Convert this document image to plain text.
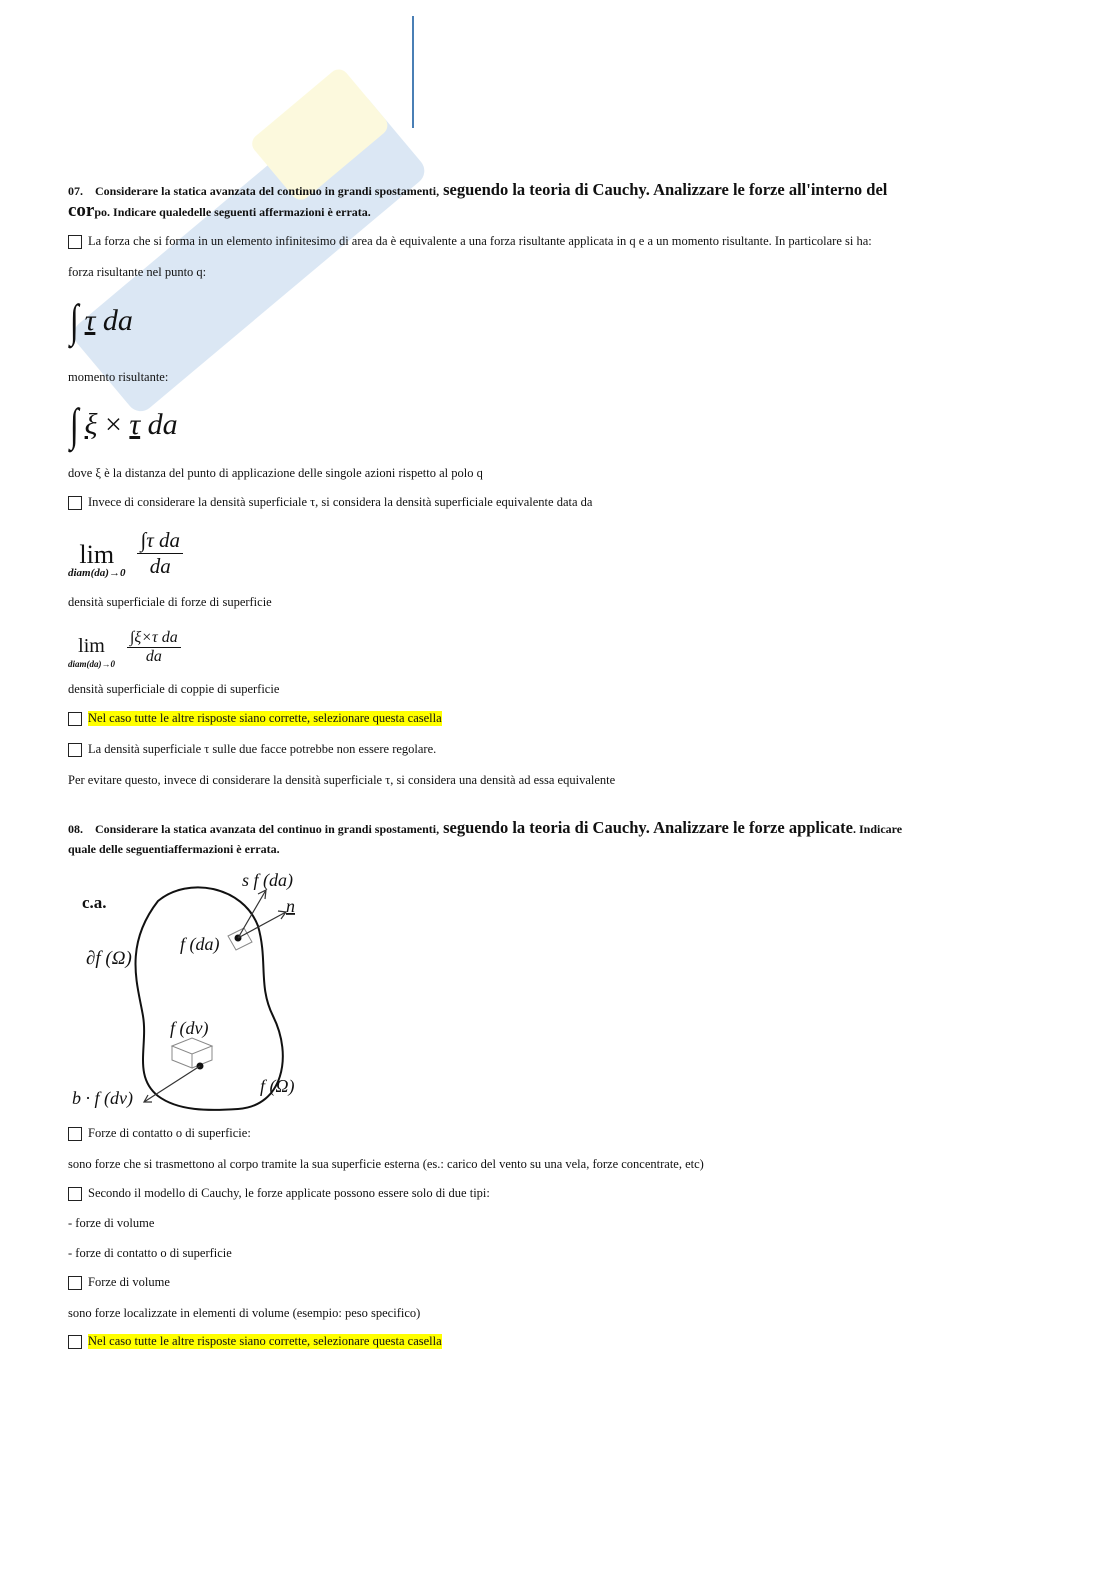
07. Considerare la statica avanzata del continuo in grandi spostamenti, seguendo la teoria di Cauchy. Analizzare le forze all'interno del
corpo. Indicare qualedelle seguenti affermazioni è errata.
La forza che si forma in un elemento infinitesimo di area da è equivalente a una forza risultante applicata in q e a un momento risultante. In particolare si ha:
forza risultante nel punto q:
∫ τ da
momento risultante:
∫ ξ × τ da
dove ξ è la distanza del punto di applicazione delle singole azioni rispetto al polo q
Invece di considerare la densità superficiale τ, si considera la densità superficiale equivalente data da
lim
diam(da)→0 $\frac{\text{∫τ da}}{da}$
densità superficiale di forze di superficie
lim
diam(da)→0 $\frac{\text{∫ξ×τ da}}{da}$
densità superficiale di coppie di superficie
Nel caso tutte le altre risposte siano corrette, selezionare questa casella
La densità superficiale τ sulle due facce potrebbe non essere regolare.
Per evitare questo, invece di considerare la densità superficiale τ, si considera una densità ad essa equivalente
08. Considerare la statica avanzata del continuo in grandi spostamenti, seguendo la teoria di Cauchy. Analizzare le forze applicate. Indicare
quale delle seguentiaffermazioni è errata.
c.a.
s f (da)
n
f (da)
∂f (Ω)
f (dv)
b · f (dv)
f (Ω)
Forze di contatto o di superficie:
sono forze che si trasmettono al corpo tramite la sua superficie esterna (es.: carico del vento su una vela, forze concentrate, etc)
Secondo il modello di Cauchy, le forze applicate possono essere solo di due tipi:
- forze di volume
- forze di contatto o di superficie
Forze di volume
sono forze localizzate in elementi di volume (esempio: peso specifico)
Nel caso tutte le altre risposte siano corrette, selezionare questa casella
